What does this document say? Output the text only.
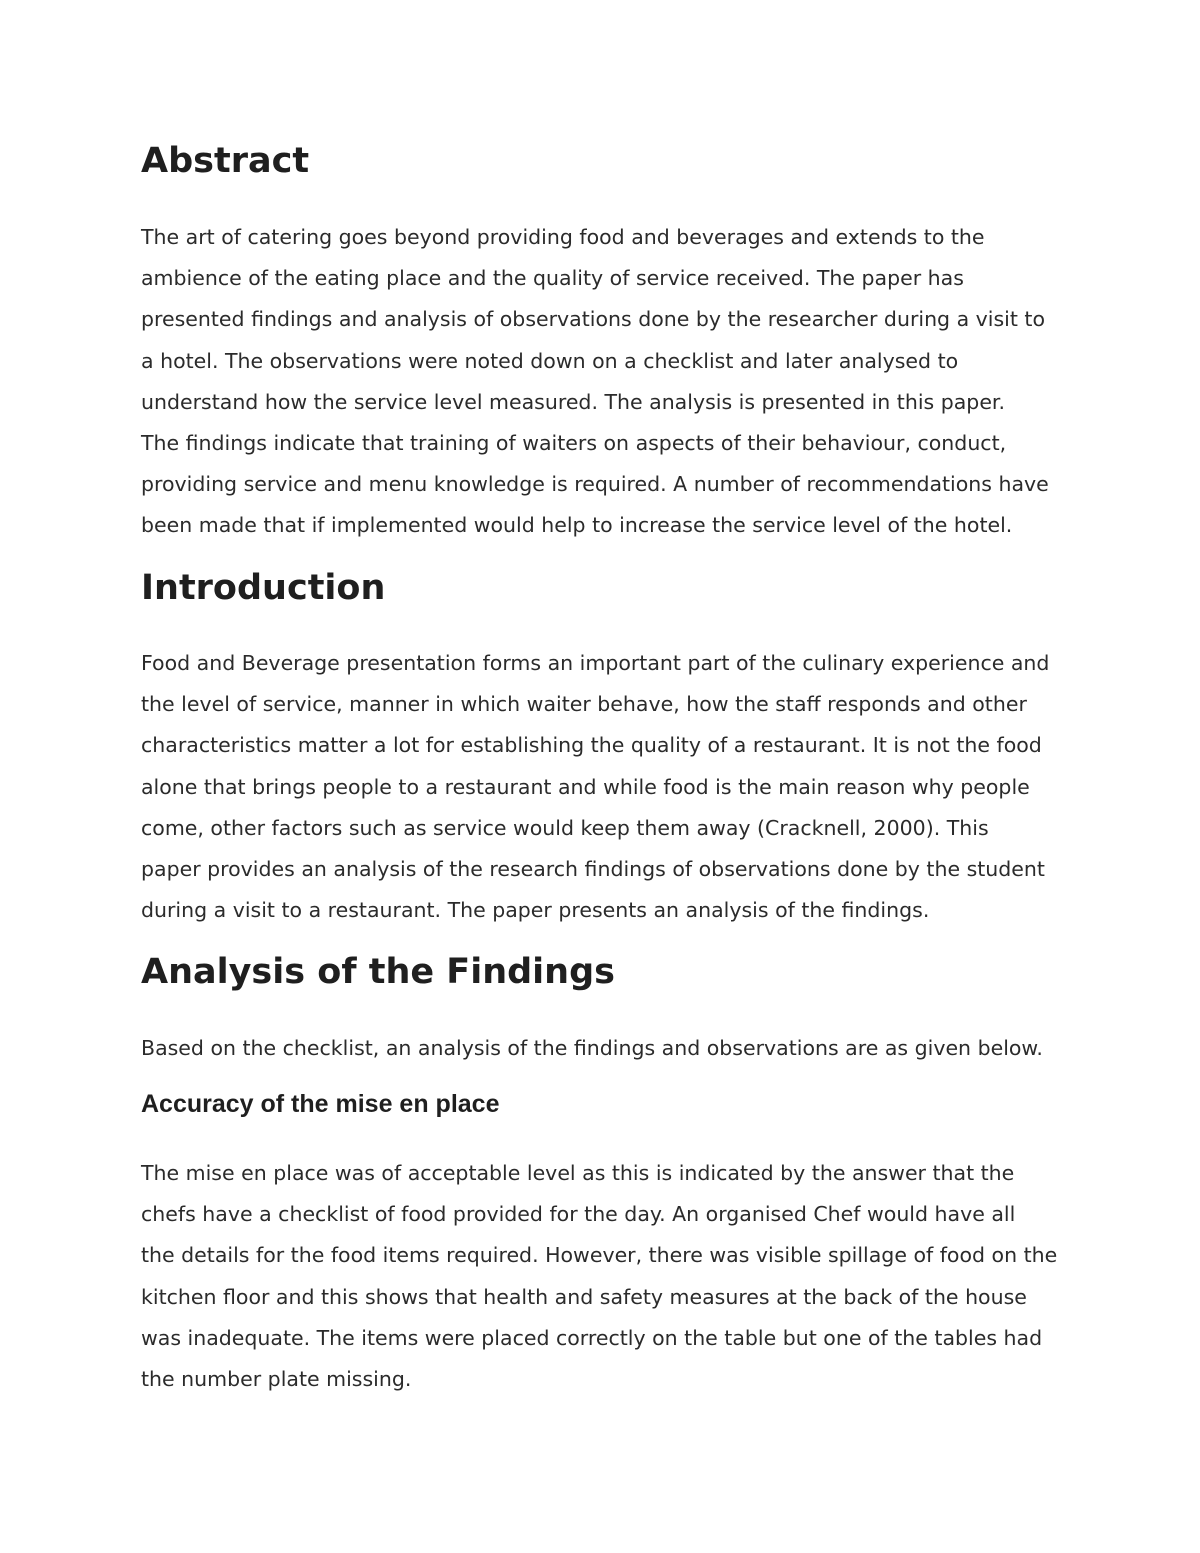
Abstract
The art of catering goes beyond providing food and beverages and extends to the
ambience of the eating place and the quality of service received. The paper has
presented findings and analysis of observations done by the researcher during a visit to
a hotel. The observations were noted down on a checklist and later analysed to
understand how the service level measured. The analysis is presented in this paper.
The findings indicate that training of waiters on aspects of their behaviour, conduct,
providing service and menu knowledge is required. A number of recommendations have
been made that if implemented would help to increase the service level of the hotel.
Introduction
Food and Beverage presentation forms an important part of the culinary experience and
the level of service, manner in which waiter behave, how the staff responds and other
characteristics matter a lot for establishing the quality of a restaurant. It is not the food
alone that brings people to a restaurant and while food is the main reason why people
come, other factors such as service would keep them away (Cracknell, 2000). This
paper provides an analysis of the research findings of observations done by the student
during a visit to a restaurant. The paper presents an analysis of the findings.
Analysis of the Findings
Based on the checklist, an analysis of the findings and observations are as given below.
Accuracy of the mise en place
The mise en place was of acceptable level as this is indicated by the answer that the
chefs have a checklist of food provided for the day. An organised Chef would have all
the details for the food items required. However, there was visible spillage of food on the
kitchen floor and this shows that health and safety measures at the back of the house
was inadequate. The items were placed correctly on the table but one of the tables had
the number plate missing.
